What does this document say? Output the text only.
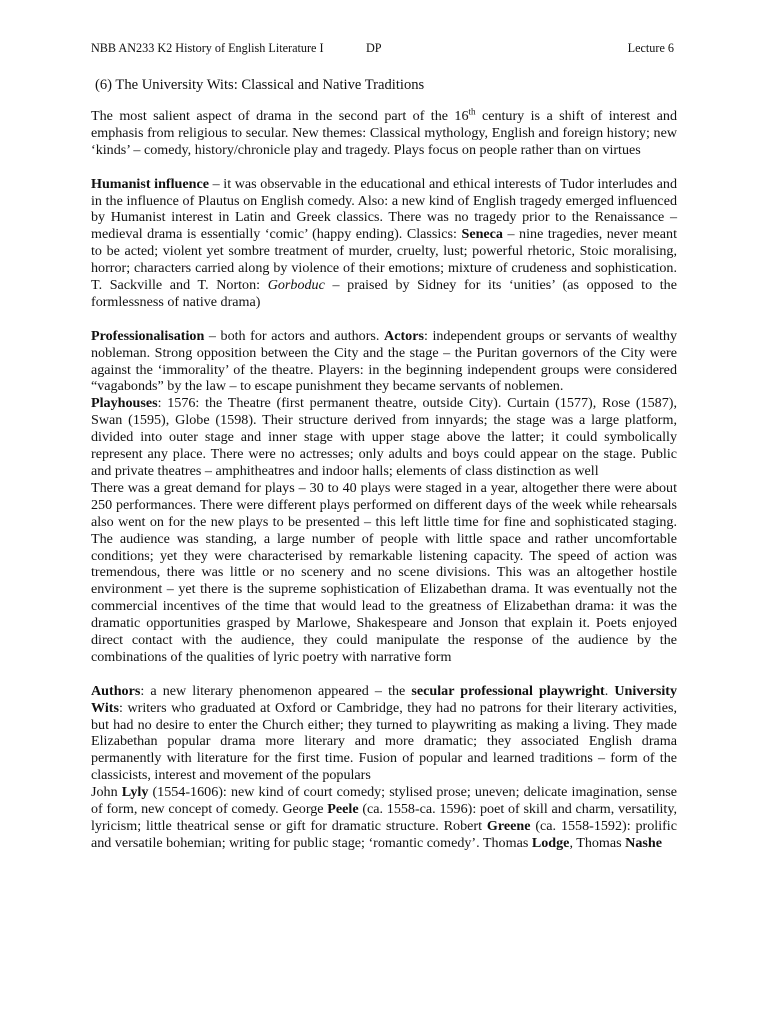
NBB AN233 K2 History of English Literature I	DP	Lecture 6
(6) The University Wits: Classical and Native Traditions

The most salient aspect of drama in the second part of the 16th century is a shift of interest and emphasis from religious to secular. New themes: Classical mythology, English and foreign history; new ‘kinds’ – comedy, history/chronicle play and tragedy. Plays focus on people rather than on virtues

Humanist influence – it was observable in the educational and ethical interests of Tudor interludes and in the influence of Plautus on English comedy. Also: a new kind of English tragedy emerged influenced by Humanist interest in Latin and Greek classics. There was no tragedy prior to the Renaissance – medieval drama is essentially ‘comic’ (happy ending). Classics: Seneca – nine tragedies, never meant to be acted; violent yet sombre treatment of murder, cruelty, lust; powerful rhetoric, Stoic moralising, horror; characters carried along by violence of their emotions; mixture of crudeness and sophistication. T. Sackville and T. Norton: Gorboduc – praised by Sidney for its ‘unities’ (as opposed to the formlessness of native drama)

Professionalisation – both for actors and authors. Actors: independent groups or servants of wealthy nobleman. Strong opposition between the City and the stage – the Puritan governors of the City were against the ‘immorality’ of the theatre. Players: in the beginning independent groups were considered “vagabonds” by the law – to escape punishment they became servants of noblemen.

Playhouses: 1576: the Theatre (first permanent theatre, outside City). Curtain (1577), Rose (1587), Swan (1595), Globe (1598). Their structure derived from innyards; the stage was a large platform, divided into outer stage and inner stage with upper stage above the latter; it could symbolically represent any place. There were no actresses; only adults and boys could appear on the stage. Public and private theatres – amphitheatres and indoor halls; elements of class distinction as well

There was a great demand for plays – 30 to 40 plays were staged in a year, altogether there were about 250 performances. There were different plays performed on different days of the week while rehearsals also went on for the new plays to be presented – this left little time for fine and sophisticated staging. The audience was standing, a large number of people with little space and rather uncomfortable conditions; yet they were characterised by remarkable listening capacity. The speed of action was tremendous, there was little or no scenery and no scene divisions. This was an altogether hostile environment – yet there is the supreme sophistication of Elizabethan drama. It was eventually not the commercial incentives of the time that would lead to the greatness of Elizabethan drama: it was the dramatic opportunities grasped by Marlowe, Shakespeare and Jonson that explain it. Poets enjoyed direct contact with the audience, they could manipulate the response of the audience by the combinations of the qualities of lyric poetry with narrative form

Authors: a new literary phenomenon appeared – the secular professional playwright. University Wits: writers who graduated at Oxford or Cambridge, they had no patrons for their literary activities, but had no desire to enter the Church either; they turned to playwriting as making a living. They made Elizabethan popular drama more literary and more dramatic; they associated English drama permanently with literature for the first time. Fusion of popular and learned traditions – form of the classicists, interest and movement of the populars

John Lyly (1554-1606): new kind of court comedy; stylised prose; uneven; delicate imagination, sense of form, new concept of comedy. George Peele (ca. 1558-ca. 1596): poet of skill and charm, versatility, lyricism; little theatrical sense or gift for dramatic structure. Robert Greene (ca. 1558-1592): prolific and versatile bohemian; writing for public stage; ‘romantic comedy’. Thomas Lodge, Thomas Nashe
